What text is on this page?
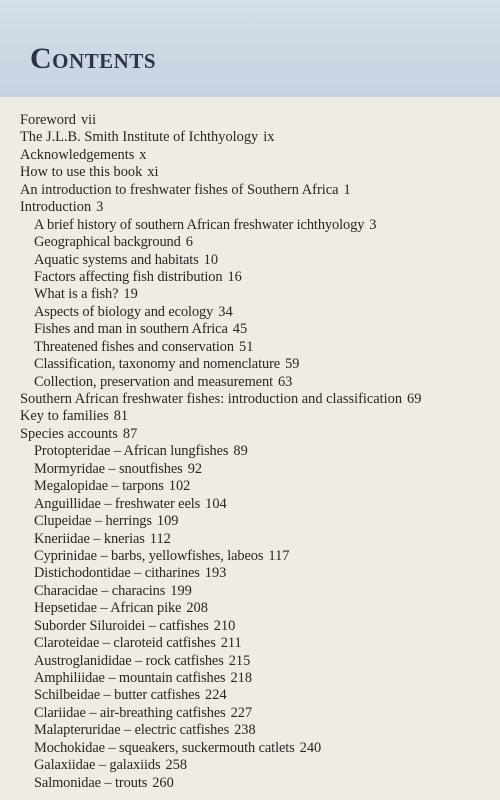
Contents
Foreword vii
The J.L.B. Smith Institute of Ichthyology ix
Acknowledgements x
How to use this book xi
An introduction to freshwater fishes of Southern Africa 1
Introduction 3
A brief history of southern African freshwater ichthyology 3
Geographical background 6
Aquatic systems and habitats 10
Factors affecting fish distribution 16
What is a fish? 19
Aspects of biology and ecology 34
Fishes and man in southern Africa 45
Threatened fishes and conservation 51
Classification, taxonomy and nomenclature 59
Collection, preservation and measurement 63
Southern African freshwater fishes: introduction and classification 69
Key to families 81
Species accounts 87
Protopteridae – African lungfishes 89
Mormyridae – snoutfishes 92
Megalopidae – tarpons 102
Anguillidae – freshwater eels 104
Clupeidae – herrings 109
Kneriidae – knerias 112
Cyprinidae – barbs, yellowfishes, labeos 117
Distichodontidae – citharines 193
Characidae – characins 199
Hepsetidae – African pike 208
Suborder Siluroidei – catfishes 210
Claroteidae – claroteid catfishes 211
Austroglanididae – rock catfishes 215
Amphiliidae – mountain catfishes 218
Schilbeidae – butter catfishes 224
Clariidae – air-breathing catfishes 227
Malapteruridae – electric catfishes 238
Mochokidae – squeakers, suckermouth catlets 240
Galaxiidae – galaxiids 258
Salmonidae – trouts 260
